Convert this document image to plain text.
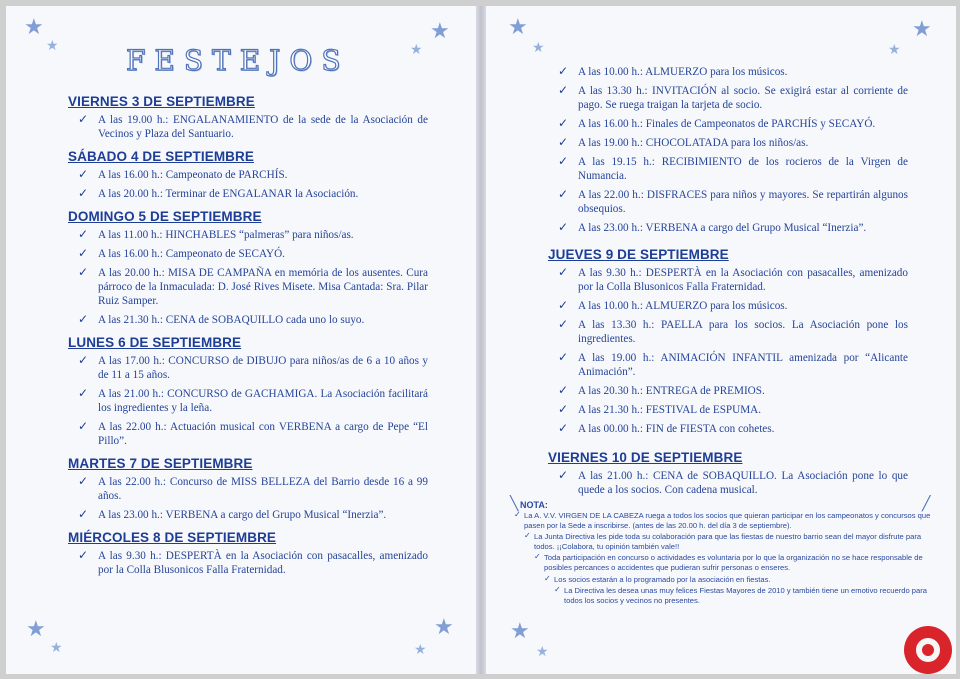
★
★
★
★
★
★
★
★
FESTEJOS
VIERNES 3 DE SEPTIEMBRE
✓ A las 19.00 h.: ENGALANAMIENTO de la sede de la Asociación de Vecinos y Plaza del Santuario.
SÁBADO 4 DE SEPTIEMBRE
✓ A las 16.00 h.: Campeonato de PARCHÍS.
✓ A las 20.00 h.: Terminar de ENGALANAR la Asociación.
DOMINGO 5 DE SEPTIEMBRE
✓ A las 11.00 h.: HINCHABLES “palmeras” para niños/as.
✓ A las 16.00 h.: Campeonato de SECAYÓ.
✓ A las 20.00 h.: MISA DE CAMPAÑA en memória de los ausentes. Cura párroco de la Inmaculada: D. José Rives Misete. Misa Cantada: Sra. Pilar Ruiz Samper.
✓ A las 21.30 h.: CENA de SOBAQUILLO cada uno lo suyo.
LUNES 6 DE SEPTIEMBRE
✓ A las 17.00 h.: CONCURSO de DIBUJO para niños/as de 6 a 10 años y de 11 a 15 años.
✓ A las 21.00 h.: CONCURSO de GACHAMIGA. La Asociación facilitará los ingredientes y la leña.
✓ A las 22.00 h.: Actuación musical con VERBENA a cargo de Pepe “El Pillo”.
MARTES 7 DE SEPTIEMBRE
✓ A las 22.00 h.: Concurso de MISS BELLEZA del Barrio desde 16 a 99 años.
✓ A las 23.00 h.: VERBENA a cargo del Grupo Musical “Inerzia”.
MIÉRCOLES 8 DE SEPTIEMBRE
✓ A las 9.30 h.: DESPERTÀ en la Asociación con pasacalles, amenizado por la Colla Blusonicos Falla Fraternidad.
★
★
★
★
★
★
✓ A las 10.00 h.: ALMUERZO para los músicos.
✓ A las 13.30 h.: INVITACIÓN al socio. Se exigirá estar al corriente de pago. Se ruega traigan la tarjeta de socio.
✓ A las 16.00 h.: Finales de Campeonatos de PARCHÍS y SECAYÓ.
✓ A las 19.00 h.: CHOCOLATADA para los niños/as.
✓ A las 19.15 h.: RECIBIMIENTO de los rocieros de la Virgen de Numancia.
✓ A las 22.00 h.: DISFRACES para niños y mayores. Se repartirán algunos obsequios.
✓ A las 23.00 h.: VERBENA a cargo del Grupo Musical “Inerzia”.
JUEVES 9 DE SEPTIEMBRE
✓ A las 9.30 h.: DESPERTÀ en la Asociación con pasacalles, amenizado por la Colla Blusonicos Falla Fraternidad.
✓ A las 10.00 h.: ALMUERZO para los músicos.
✓ A las 13.30 h.: PAELLA para los socios. La Asociación pone los ingredientes.
✓ A las 19.00 h.: ANIMACIÓN INFANTIL amenizada por “Alicante Animación”.
✓ A las 20.30 h.: ENTREGA de PREMIOS.
✓ A las 21.30 h.: FESTIVAL de ESPUMA.
✓ A las 00.00 h.: FIN de FIESTA con cohetes.
VIERNES 10 DE SEPTIEMBRE
✓ A las 21.00 h.: CENA de SOBAQUILLO. La Asociación pone lo que quede a los socios. Con cadena musical.
NOTA:
✓ La A. V.V. VIRGEN DE LA CABEZA ruega a todos los socios que quieran participar en los campeonatos y concursos que pasen por la Sede a inscribirse. (antes de las 20.00 h. del día 3 de septiembre).
✓ La Junta Directiva les pide toda su colaboración para que las fiestas de nuestro barrio sean del mayor disfrute para todos. ¡¡Colabora, tu opinión también vale!!
✓ Toda participación en concurso o actividades es voluntaria por lo que la organización no se hace responsable de posibles percances o accidentes que pudieran sufrir personas o enseres.
✓ Los socios estarán a lo programado por la asociación en fiestas.
✓ La Directiva les desea unas muy felices Fiestas Mayores de 2010 y también tiene un emotivo recuerdo para todos los socios y vecinos no presentes.
╲	╱
